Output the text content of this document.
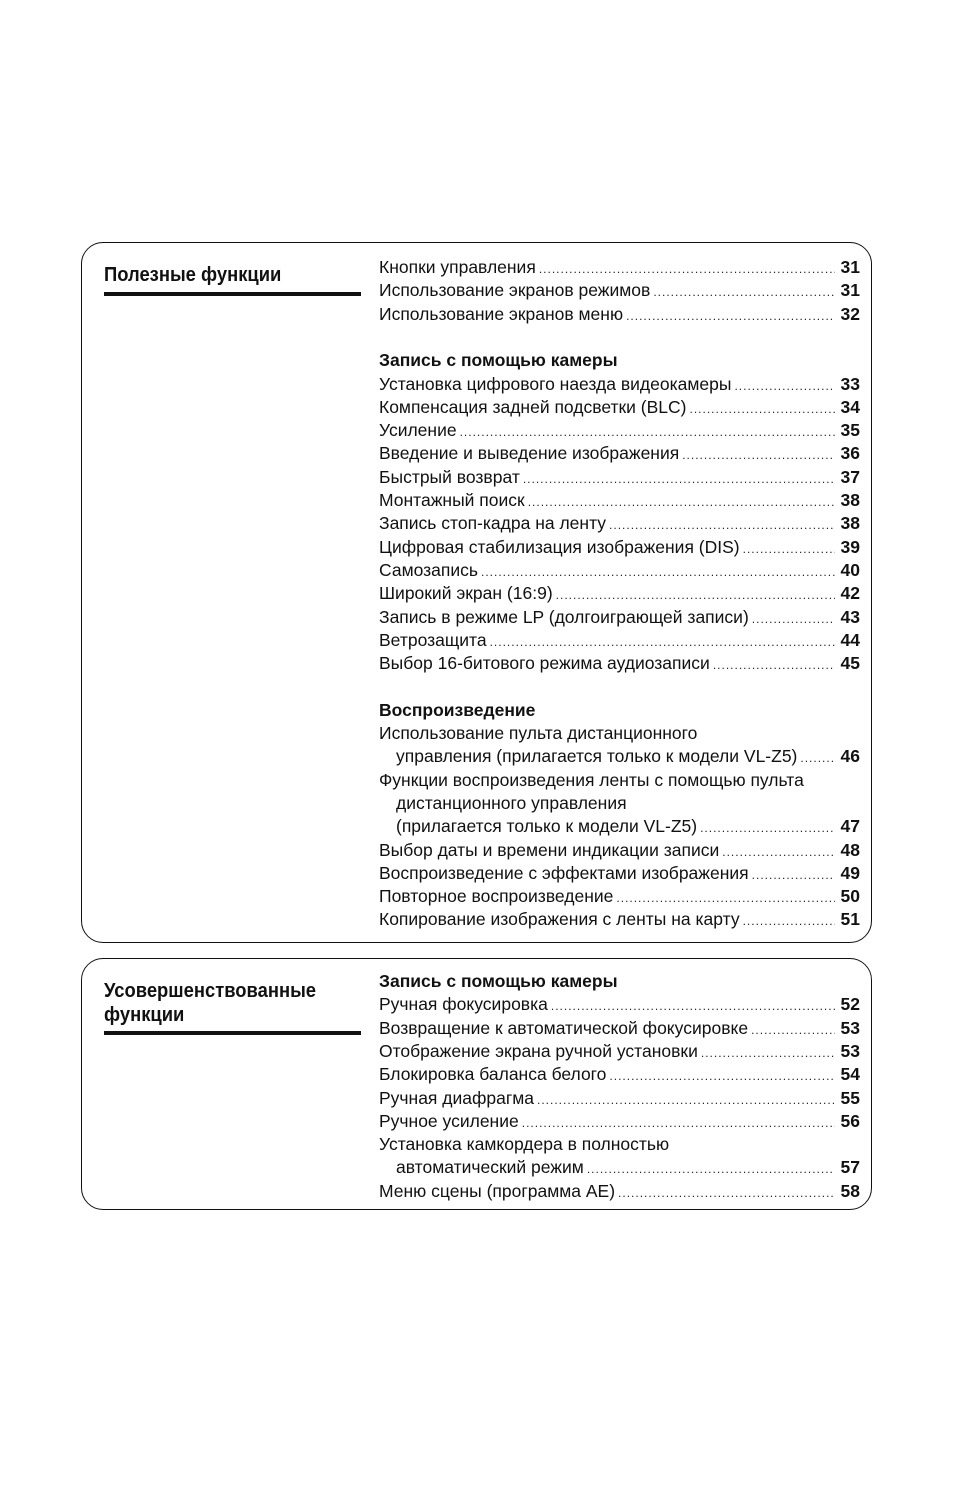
Полезные функции	Кнопки управления .....	31
Использование экранов режимов .....	31
Использование экранов меню .....	32
Запись с помощью камеры
Установка цифрового наезда видеокамеры .....	33
Компенсация задней подсветки (BLC) .....	34
Усиление .....	35
Введение и выведение изображения .....	36
Быстрый возврат .....	37
Монтажный поиск .....	38
Запись стоп-кадра на ленту .....	38
Цифровая стабилизация изображения (DIS) .....	39
Самозапись .....	40
Широкий экран (16:9) .....	42
Запись в режиме LP (долгоиграющей записи) .....	43
Ветрозащита .....	44
Выбор 16-битового режима аудиозаписи .....	45
Воспроизведение
Использование пульта дистанционного
управления (прилагается только к модели VL-Z5) ..... 46
Функции воспроизведения ленты с помощью пульта
дистанционного управления
(прилагается только к модели VL-Z5) .....	47
Выбор даты и времени индикации записи .....	48
Воспроизведение с эффектами изображения .....	49
Повторное воспроизведение .....	50
Копирование изображения с ленты на карту .....	51
Усовершенствованные функции
Запись с помощью камеры
Ручная фокусировка .....	52
Возвращение к автоматической фокусировке .....	53
Отображение экрана ручной установки .....	53
Блокировка баланса белого .....	54
Ручная диафрагма .....	55
Ручное усиление .....	56
Установка камкордера в полностью
автоматический режим .....	57
Меню сцены (программа AE) .....	58
